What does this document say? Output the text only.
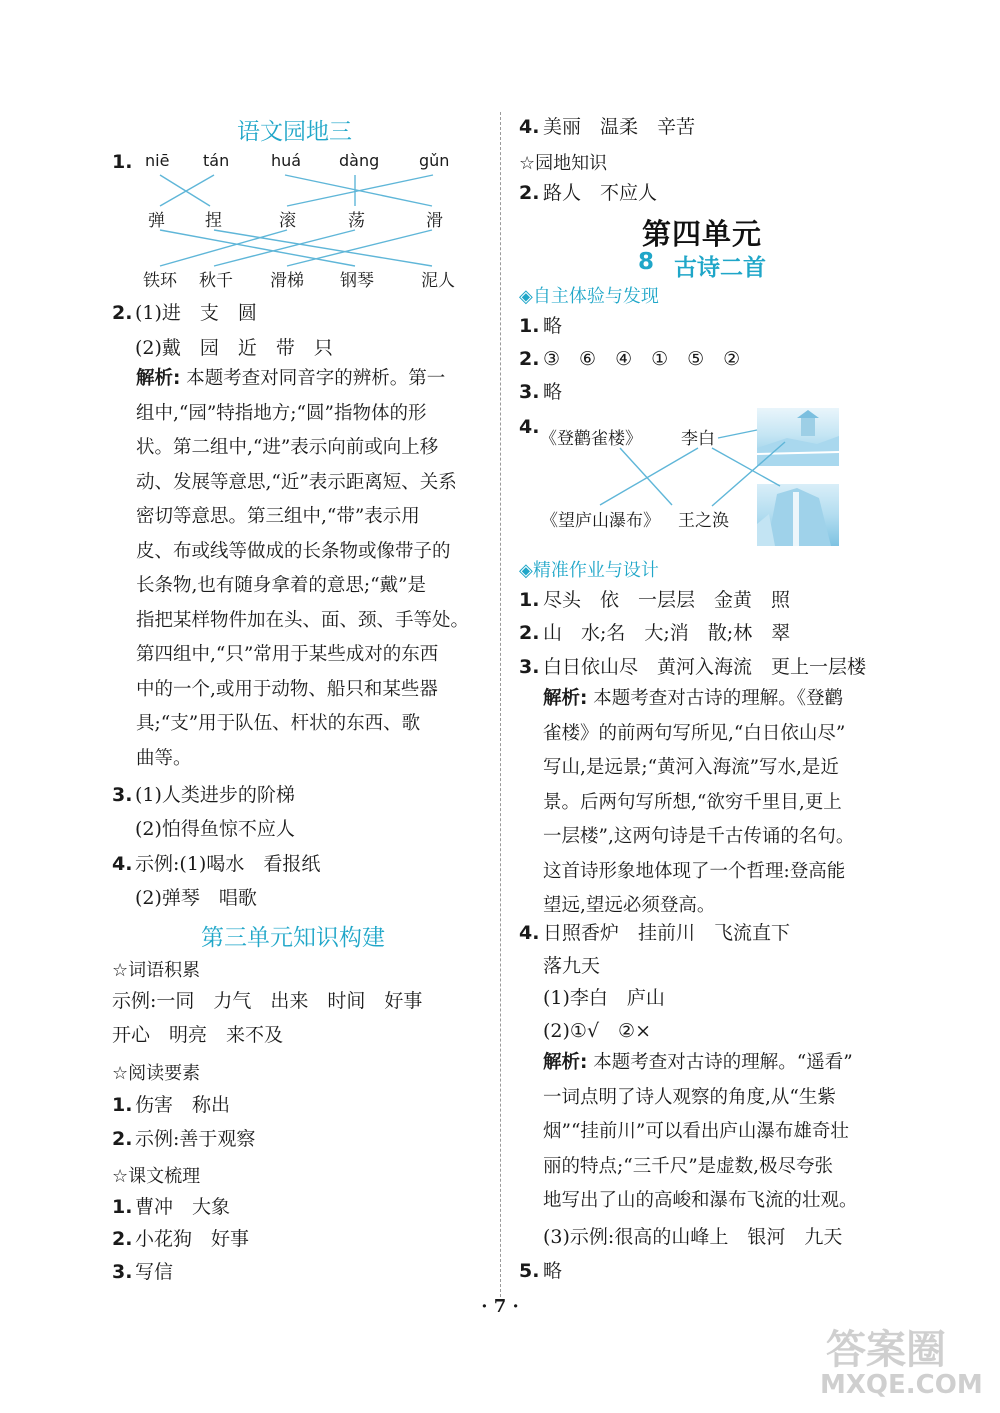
语文园地三
1. niē tán	huá dàng gǔn
弹 捏	滚	荡	滑
铁环 秋千 滑梯 钢琴	泥人
2. (1)进　支　圆
(2)戴　园　近　带　只
解析: 本题考查对同音字的辨析。第一
组中,“园”特指地方;“圆”指物体的形
状。第二组中,“进”表示向前或向上移
动、发展等意思,“近”表示距离短、关系
密切等意思。第三组中,“带”表示用
皮、布或线等做成的长条物或像带子的
长条物,也有随身拿着的意思;“戴”是
指把某样物件加在头、面、颈、手等处。
第四组中,“只”常用于某些成对的东西
中的一个,或用于动物、船只和某些器
具;“支”用于队伍、杆状的东西、歌
曲等。
3. (1)人类进步的阶梯
(2)怕得鱼惊不应人
4. 示例:(1)喝水　看报纸
(2)弹琴　唱歌
第三单元知识构建
☆词语积累
示例:一同　力气　出来　时间　好事
开心　明亮　来不及
☆阅读要素
1. 伤害　称出
2. 示例:善于观察
☆课文梳理
1. 曹冲　大象
2. 小花狗　好事
3. 写信
4. 美丽　温柔　辛苦
☆园地知识
2. 路人　不应人
第四单元
8 古诗二首
◈自主体验与发现
1. 略
2. ③　⑥　④　①　⑤　②
3. 略
4.
《登鹳雀楼》
《望庐山瀑布》
李白
王之涣
◈精准作业与设计
1. 尽头　依　一层层　金黄　照
2. 山　水;名　大;消　散;林　翠
3. 白日依山尽　黄河入海流　更上一层楼
解析: 本题考查对古诗的理解。《登鹳
雀楼》的前两句写所见,“白日依山尽”
写山,是远景;“黄河入海流”写水,是近
景。后两句写所想,“欲穷千里目,更上
一层楼”,这两句诗是千古传诵的名句。
这首诗形象地体现了一个哲理:登高能
望远,望远必须登高。
4. 日照香炉　挂前川　飞流直下
落九天
(1)李白　庐山
(2)①√　②×
解析: 本题考查对古诗的理解。“遥看”
一词点明了诗人观察的角度,从“生紫
烟”“挂前川”可以看出庐山瀑布雄奇壮
丽的特点;“三千尺”是虚数,极尽夸张
地写出了山的高峻和瀑布飞流的壮观。
(3)示例:很高的山峰上　银河　九天
5. 略
· 7 ·
答案圈
MXQE.COM
